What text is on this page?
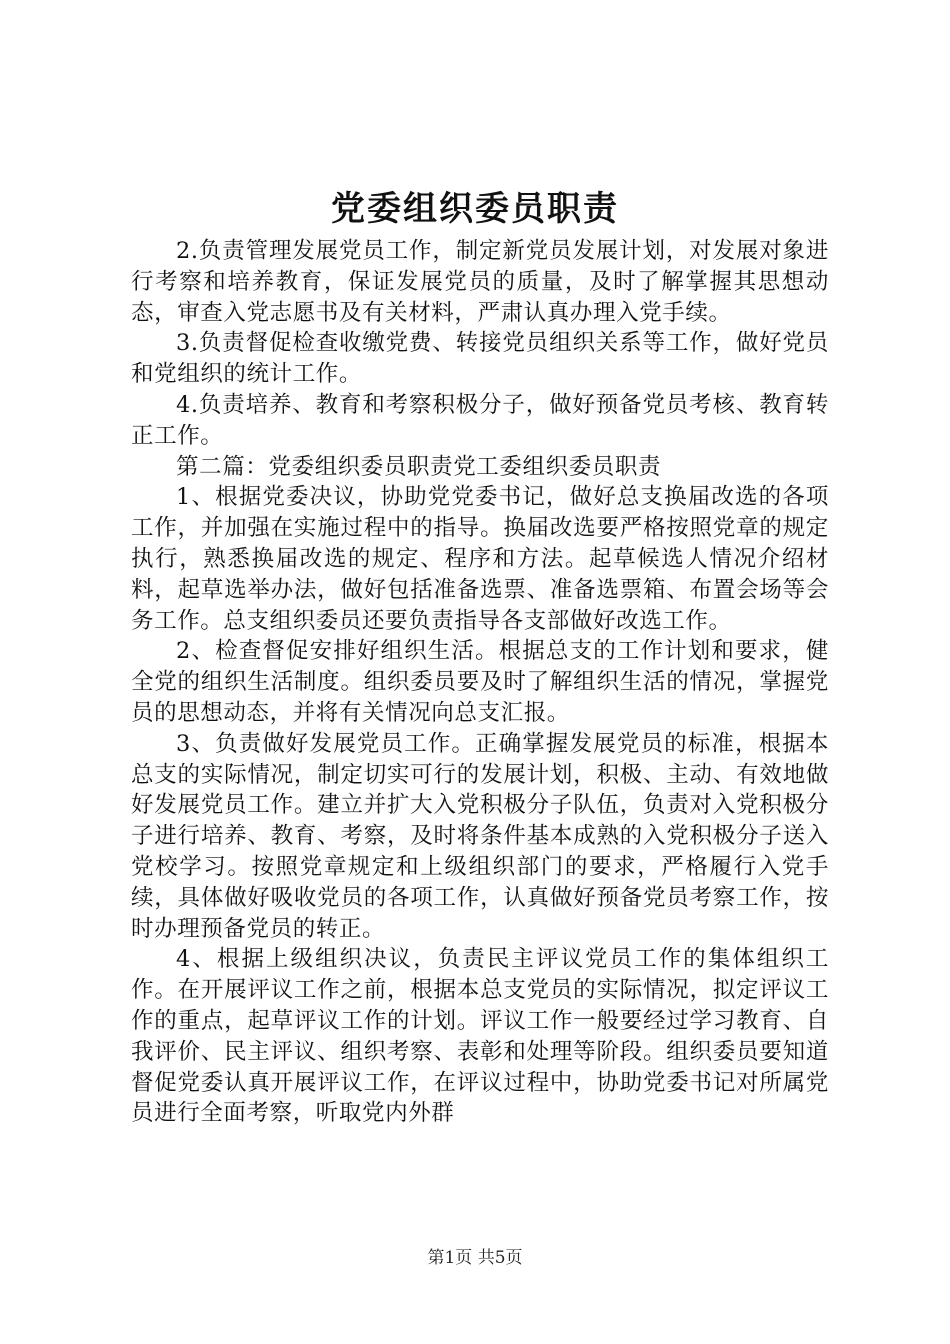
党委组织委员职责

2.负责管理发展党员工作，制定新党员发展计划，对发展对象进行考察和培养教育，保证发展党员的质量，及时了解掌握其思想动态，审查入党志愿书及有关材料，严肃认真办理入党手续。

3.负责督促检查收缴党费、转接党员组织关系等工作，做好党员和党组织的统计工作。

4.负责培养、教育和考察积极分子，做好预备党员考核、教育转正工作。

第二篇：党委组织委员职责党工委组织委员职责

1、根据党委决议，协助党党委书记，做好总支换届改选的各项工作，并加强在实施过程中的指导。换届改选要严格按照党章的规定执行，熟悉换届改选的规定、程序和方法。起草候选人情况介绍材料，起草选举办法，做好包括准备选票、准备选票箱、布置会场等会务工作。总支组织委员还要负责指导各支部做好改选工作。

2、检查督促安排好组织生活。根据总支的工作计划和要求，健全党的组织生活制度。组织委员要及时了解组织生活的情况，掌握党员的思想动态，并将有关情况向总支汇报。

3、负责做好发展党员工作。正确掌握发展党员的标准，根据本总支的实际情况，制定切实可行的发展计划，积极、主动、有效地做好发展党员工作。建立并扩大入党积极分子队伍，负责对入党积极分子进行培养、教育、考察，及时将条件基本成熟的入党积极分子送入党校学习。按照党章规定和上级组织部门的要求，严格履行入党手续，具体做好吸收党员的各项工作，认真做好预备党员考察工作，按时办理预备党员的转正。

4、根据上级组织决议，负责民主评议党员工作的集体组织工作。在开展评议工作之前，根据本总支党员的实际情况，拟定评议工作的重点，起草评议工作的计划。评议工作一般要经过学习教育、自我评价、民主评议、组织考察、表彰和处理等阶段。组织委员要知道督促党委认真开展评议工作，在评议过程中，协助党委书记对所属党员进行全面考察，听取党内外群

第1页 共5页
